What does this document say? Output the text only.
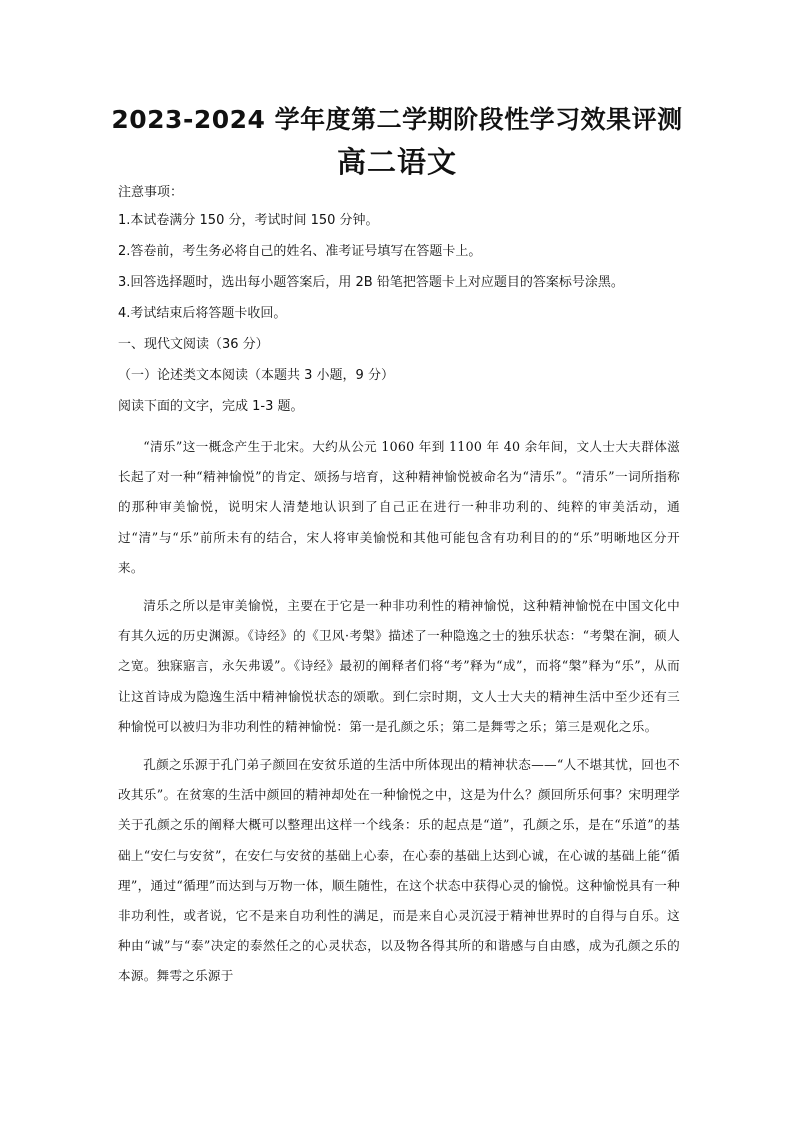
2023-2024 学年度第二学期阶段性学习效果评测
高二语文
注意事项：
1.本试卷满分 150 分，考试时间 150 分钟。
2.答卷前，考生务必将自己的姓名、准考证号填写在答题卡上。
3.回答选择题时，选出每小题答案后，用 2B 铅笔把答题卡上对应题目的答案标号涂黑。
4.考试结束后将答题卡收回。
一、现代文阅读（36 分）
（一）论述类文本阅读（本题共 3 小题，9 分）
阅读下面的文字，完成 1-3 题。

“清乐”这一概念产生于北宋。大约从公元 1060 年到 1100 年 40 余年间，文人士大夫群体滋长起了对一种“精神愉悦”的肯定、颂扬与培育，这种精神愉悦被命名为“清乐”。“清乐”一词所指称的那种审美愉悦，说明宋人清楚地认识到了自己正在进行一种非功利的、纯粹的审美活动，通过“清”与“乐”前所未有的结合，宋人将审美愉悦和其他可能包含有功利目的的“乐”明晰地区分开来。

清乐之所以是审美愉悦，主要在于它是一种非功利性的精神愉悦，这种精神愉悦在中国文化中有其久远的历史渊源。《诗经》的《卫风·考槃》描述了一种隐逸之士的独乐状态：“考槃在涧，硕人之宽。独寐寤言，永矢弗谖”。《诗经》最初的阐释者们将“考”释为“成”，而将“槃”释为“乐”，从而让这首诗成为隐逸生活中精神愉悦状态的颂歌。到仁宗时期，文人士大夫的精神生活中至少还有三种愉悦可以被归为非功利性的精神愉悦：第一是孔颜之乐；第二是舞雩之乐；第三是观化之乐。

孔颜之乐源于孔门弟子颜回在安贫乐道的生活中所体现出的精神状态——“人不堪其忧，回也不改其乐”。在贫寒的生活中颜回的精神却处在一种愉悦之中，这是为什么？颜回所乐何事？宋明理学关于孔颜之乐的阐释大概可以整理出这样一个线条：乐的起点是“道”，孔颜之乐，是在“乐道”的基础上“安仁与安贫”，在安仁与安贫的基础上心泰，在心泰的基础上达到心诚，在心诚的基础上能“循理”，通过“循理”而达到与万物一体，顺生随性，在这个状态中获得心灵的愉悦。这种愉悦具有一种非功利性，或者说，它不是来自功利性的满足，而是来自心灵沉浸于精神世界时的自得与自乐。这种由“诚”与“泰”决定的泰然任之的心灵状态，以及物各得其所的和谐感与自由感，成为孔颜之乐的本源。舞雩之乐源于
